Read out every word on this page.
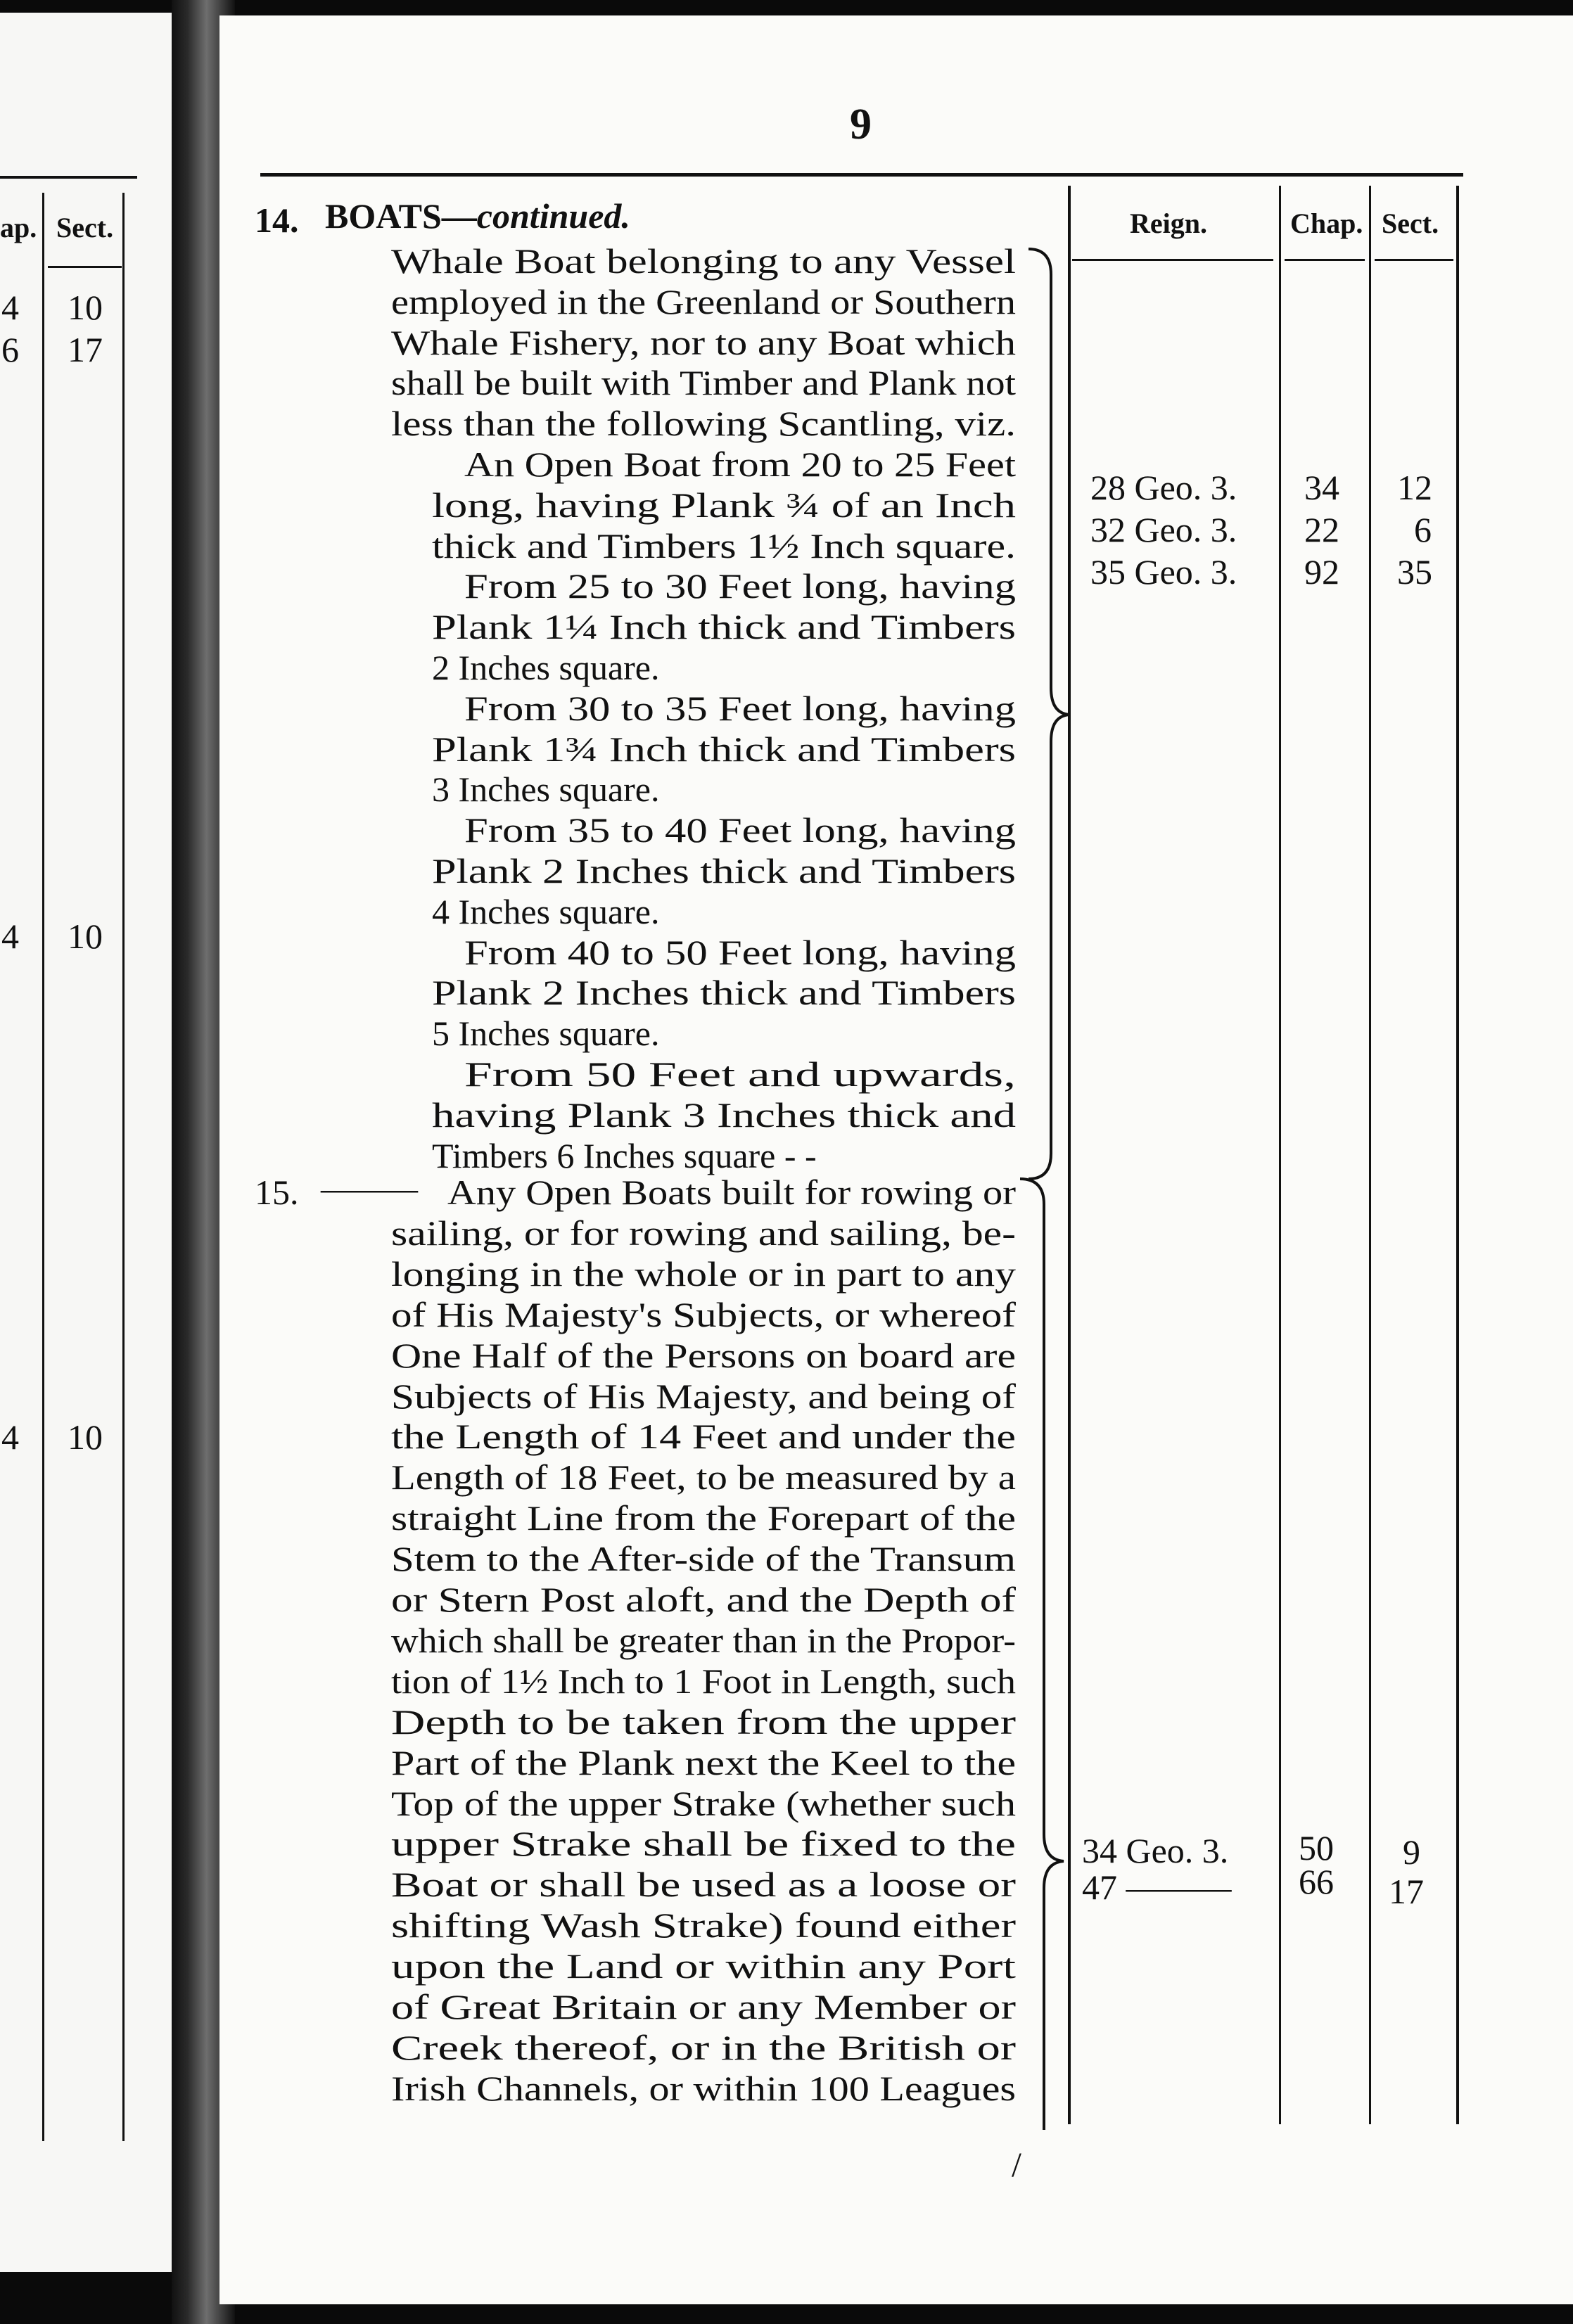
ap. Sect.
4 10
6 17
4 10
4 10
9
Reign.	Chap. Sect.
14. BOATS—continued.
Whale Boat belonging to any Vessel
employed in the Greenland or Southern
Whale Fishery, nor to any Boat which
shall be built with Timber and Plank not
less than the following Scantling, viz.
An Open Boat from 20 to 25 Feet
long, having Plank ¾ of an Inch
thick and Timbers 1½ Inch square.
From 25 to 30 Feet long, having
Plank 1¼ Inch thick and Timbers
2 Inches square.
From 30 to 35 Feet long, having
Plank 1¾ Inch thick and Timbers
3 Inches square.
From 35 to 40 Feet long, having
Plank 2 Inches thick and Timbers
4 Inches square.
From 40 to 50 Feet long, having
Plank 2 Inches thick and Timbers
5 Inches square.
From 50 Feet and upwards,
having Plank 3 Inches thick and
Timbers 6 Inches square - -
28 Geo. 3. 34 12
32 Geo. 3. 22 6
35 Geo. 3. 92 35
15. ——— Any Open Boats built for rowing or
sailing, or for rowing and sailing, be-
longing in the whole or in part to any
of His Majesty's Subjects, or whereof
One Half of the Persons on board are
Subjects of His Majesty, and being of
the Length of 14 Feet and under the
Length of 18 Feet, to be measured by a
straight Line from the Forepart of the
Stem to the After-side of the Transum
or Stern Post aloft, and the Depth of
which shall be greater than in the Propor-
tion of 1½ Inch to 1 Foot in Length, such
Depth to be taken from the upper
Part of the Plank next the Keel to the
Top of the upper Strake (whether such
upper Strake shall be fixed to the
Boat or shall be used as a loose or
shifting Wash Strake) found either
upon the Land or within any Port
of Great Britain or any Member or
Creek thereof, or in the British or
Irish Channels, or within 100 Leagues
34 Geo. 3. 50 9
47 ——— 66 17
/
